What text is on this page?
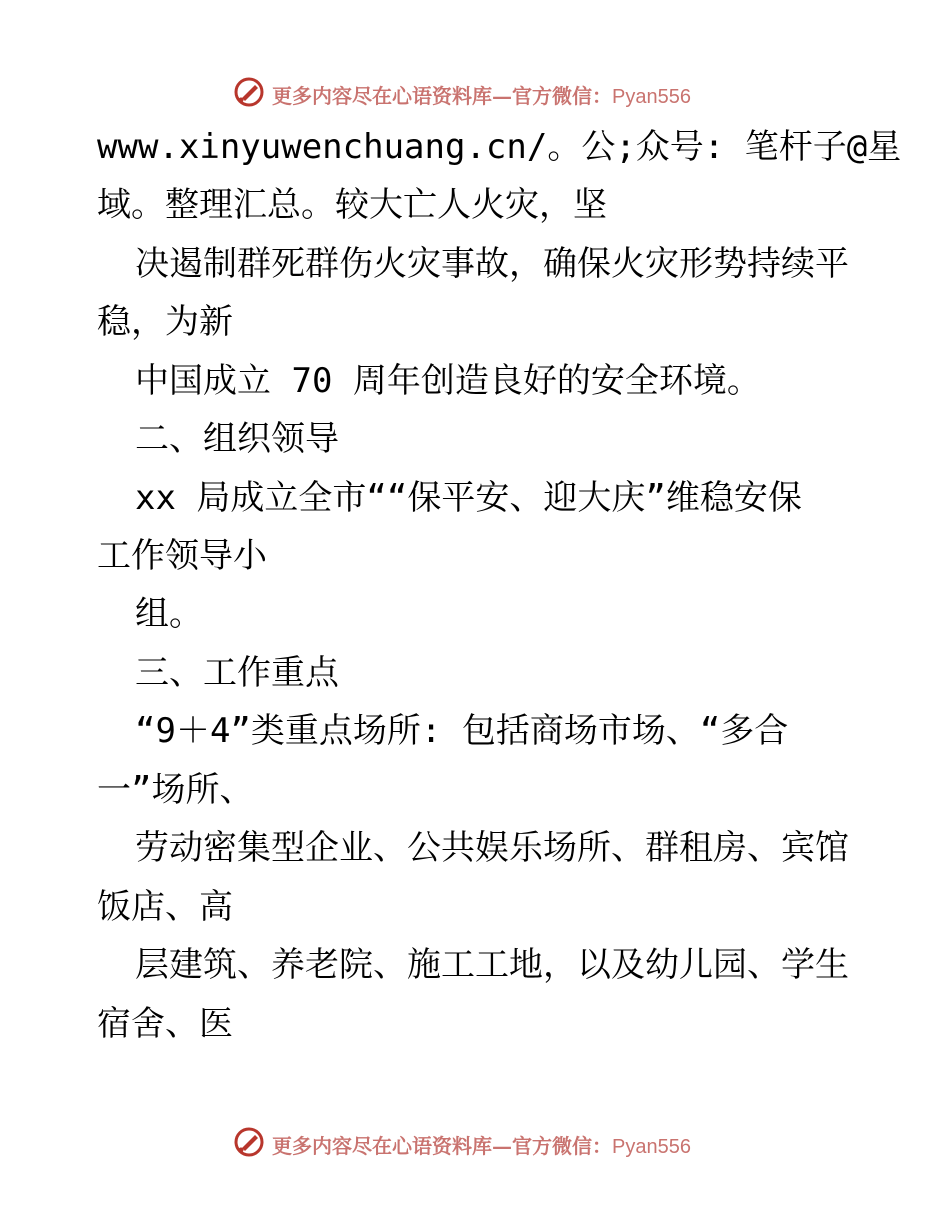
更多内容尽在心语资料库—官方微信：Pyan556
www.xinyuwenchuang.cn/。公;众号: 笔杆子@星
域。整理汇总。较大亡人火灾，坚
决遏制群死群伤火灾事故，确保火灾形势持续平
稳，为新
中国成立 70 周年创造良好的安全环境。
二、组织领导
xx 局成立全市““保平安、迎大庆”维稳安保
工作领导小
组。
三、工作重点
“9＋4”类重点场所: 包括商场市场、“多合
一”场所、
劳动密集型企业、公共娱乐场所、群租房、宾馆
饭店、高
层建筑、养老院、施工工地，以及幼儿园、学生
宿舍、医
更多内容尽在心语资料库—官方微信：Pyan556
